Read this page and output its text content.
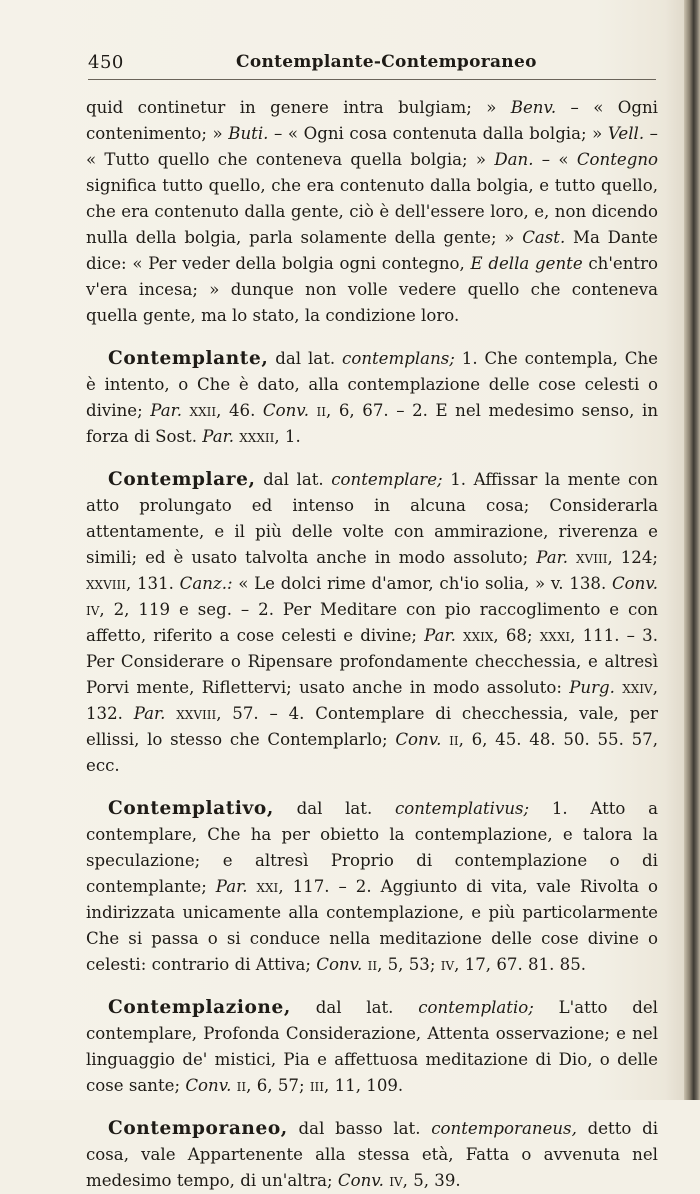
450	Contemplante-Contemporaneo

quid continetur in genere intra bulgiam; » Benv. – « Ogni contenimento; » Buti. – « Ogni cosa contenuta dalla bolgia; » Vell. – « Tutto quello che conteneva quella bolgia; » Dan. – « Contegno significa tutto quello, che era contenuto dalla bolgia, e tutto quello, che era contenuto dalla gente, ciò è dell'essere loro, e, non dicendo nulla della bolgia, parla solamente della gente; » Cast. Ma Dante dice: « Per veder della bolgia ogni contegno, E della gente ch'entro v'era incesa; » dunque non volle vedere quello che conteneva quella gente, ma lo stato, la condizione loro.

Contemplante, dal lat. contemplans; 1. Che contempla, Che è intento, o Che è dato, alla contemplazione delle cose celesti o divine; Par. xxii, 46. Conv. ii, 6, 67. – 2. E nel medesimo senso, in forza di Sost. Par. xxxii, 1.

Contemplare, dal lat. contemplare; 1. Affissar la mente con atto prolungato ed intenso in alcuna cosa; Considerarla attentamente, e il più delle volte con ammirazione, riverenza e simili; ed è usato talvolta anche in modo assoluto; Par. xviii, 124; xxviii, 131. Canz.: « Le dolci rime d'amor, ch'io solia, » v. 138. Conv. iv, 2, 119 e seg. – 2. Per Meditare con pio raccoglimento e con affetto, riferito a cose celesti e divine; Par. xxix, 68; xxxi, 111. – 3. Per Considerare o Ripensare profondamente checchessia, e altresì Porvi mente, Riflettervi; usato anche in modo assoluto: Purg. xxiv, 132. Par. xxviii, 57. – 4. Contemplare di checchessia, vale, per ellissi, lo stesso che Contemplarlo; Conv. ii, 6, 45. 48. 50. 55. 57, ecc.

Contemplativo, dal lat. contemplativus; 1. Atto a contemplare, Che ha per obietto la contemplazione, e talora la speculazione; e altresì Proprio di contemplazione o di contemplante; Par. xxi, 117. – 2. Aggiunto di vita, vale Rivolta o indirizzata unicamente alla contemplazione, e più particolarmente Che si passa o si conduce nella meditazione delle cose divine o celesti: contrario di Attiva; Conv. ii, 5, 53; iv, 17, 67. 81. 85.

Contemplazione, dal lat. contemplatio; L'atto del contemplare, Profonda Considerazione, Attenta osservazione; e nel linguaggio de' mistici, Pia e affettuosa meditazione di Dio, o delle cose sante; Conv. ii, 6, 57; iii, 11, 109.

Contemporaneo, dal basso lat. contemporaneus, detto di cosa, vale Appartenente alla stessa età, Fatta o avvenuta nel medesimo tempo, di un'altra; Conv. iv, 5, 39.
